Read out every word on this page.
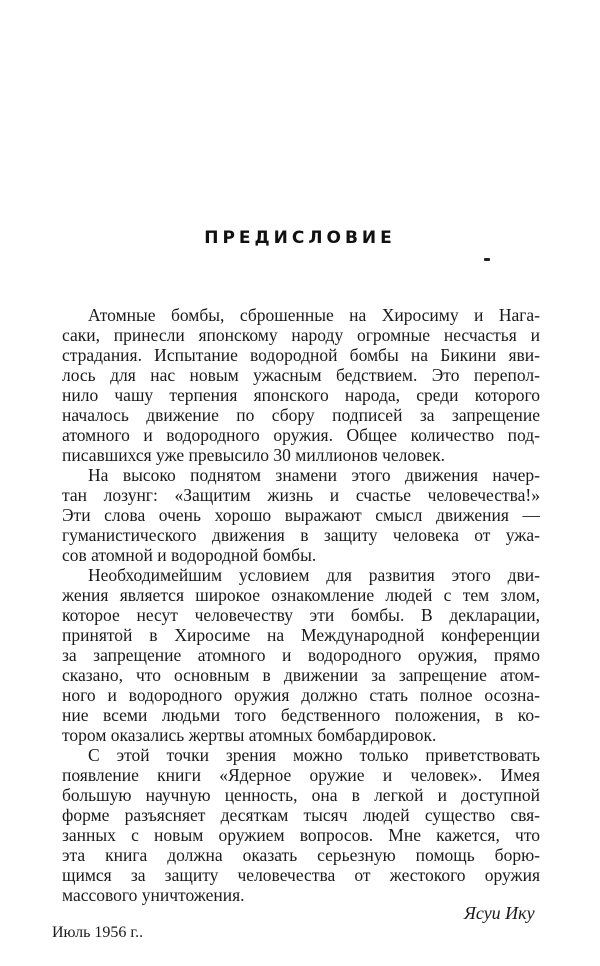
ПРЕДИСЛОВИЕ
Атомные бомбы, сброшенные на Хиросиму и Нага-
саки, принесли японскому народу огромные несчастья и
страдания. Испытание водородной бомбы на Бикини яви-
лось для нас новым ужасным бедствием. Это перепол-
нило чашу терпения японского народа, среди которого
началось движение по сбору подписей за запрещение
атомного и водородного оружия. Общее количество под-
писавшихся уже превысило 30 миллионов человек.
На высоко поднятом знамени этого движения начер-
тан лозунг: «Защитим жизнь и счастье человечества!»
Эти слова очень хорошо выражают смысл движения —
гуманистического движения в защиту человека от ужа-
сов атомной и водородной бомбы.
Необходимейшим условием для развития этого дви-
жения является широкое ознакомление людей с тем злом,
которое несут человечеству эти бомбы. В декларации,
принятой в Хиросиме на Международной конференции
за запрещение атомного и водородного оружия, прямо
сказано, что основным в движении за запрещение атом-
ного и водородного оружия должно стать полное осозна-
ние всеми людьми того бедственного положения, в ко-
тором оказались жертвы атомных бомбардировок.
С этой точки зрения можно только приветствовать
появление книги «Ядерное оружие и человек». Имея
большую научную ценность, она в легкой и доступной
форме разъясняет десяткам тысяч людей существо свя-
занных с новым оружием вопросов. Мне кажется, что
эта книга должна оказать серьезную помощь борю-
щимся за защиту человечества от жестокого оружия
массового уничтожения.
Ясуи Ику
Июль 1956 г..
